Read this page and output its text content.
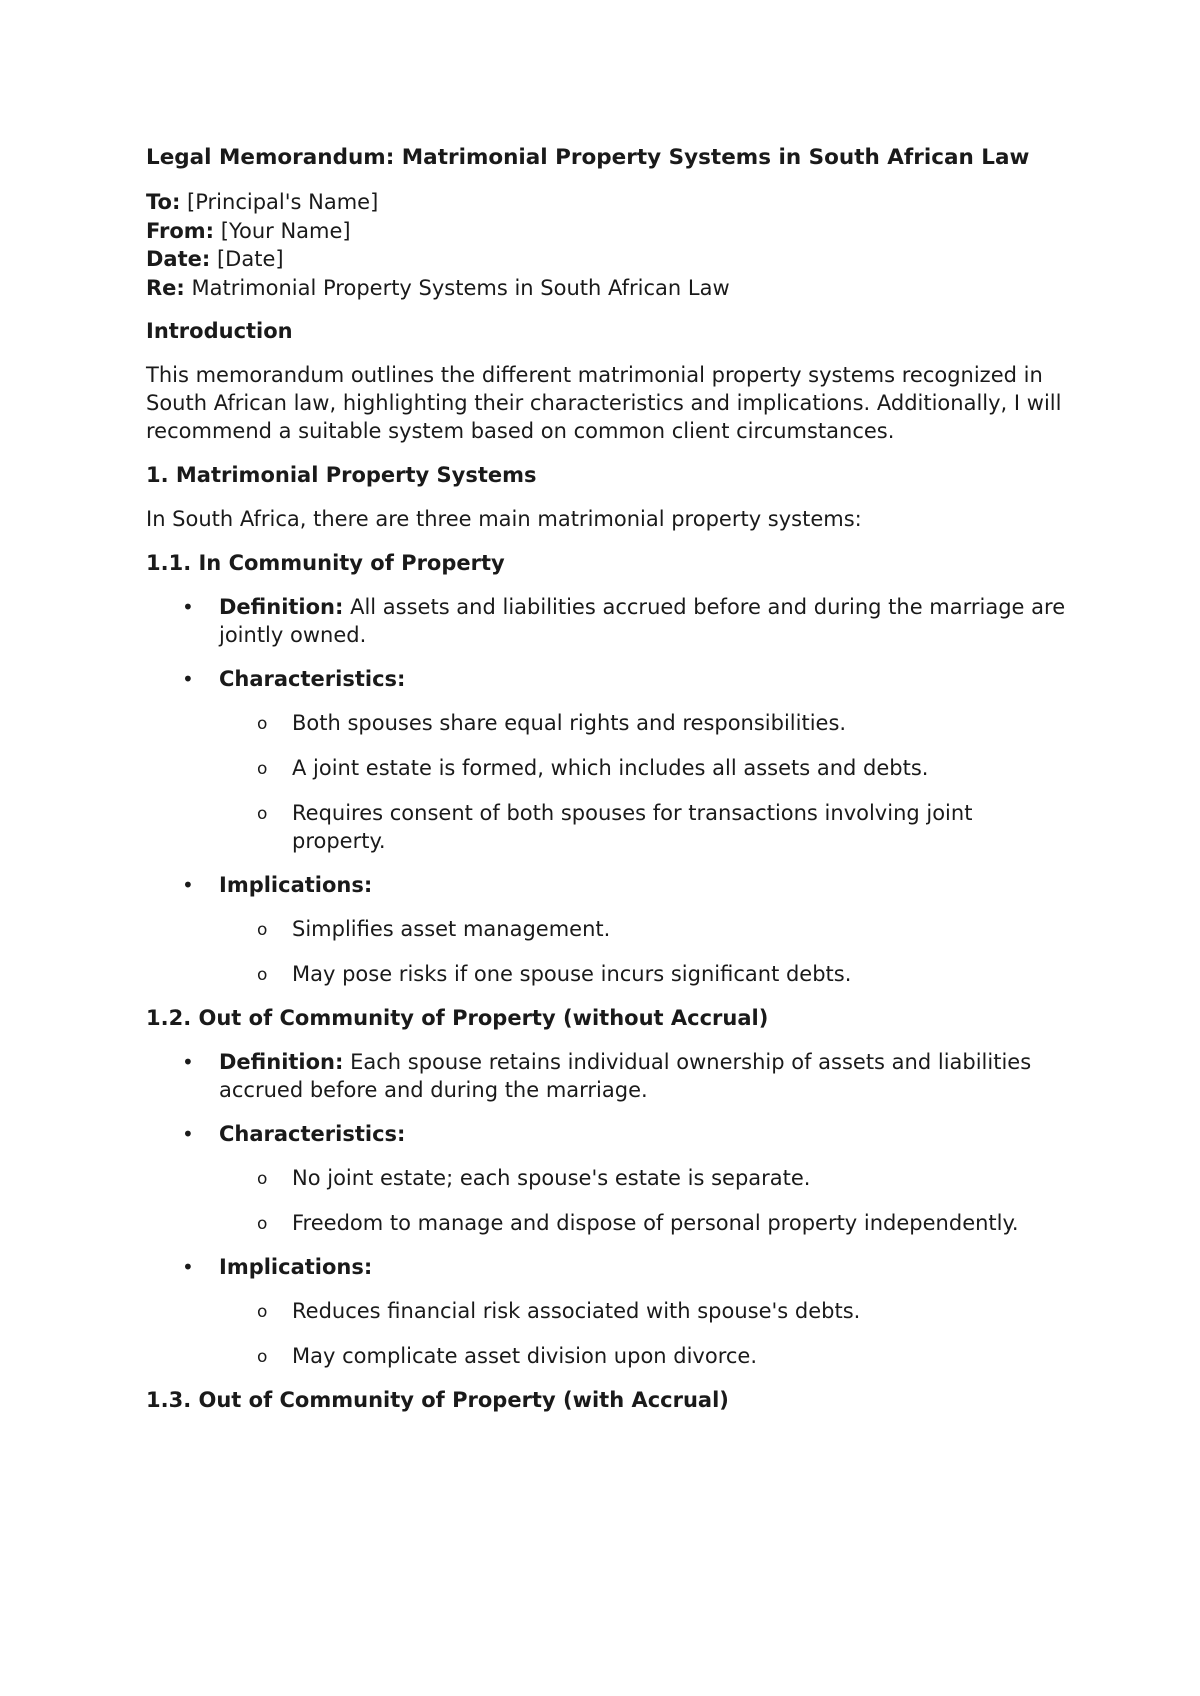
Legal Memorandum: Matrimonial Property Systems in South African Law

To: [Principal's Name]

From: [Your Name]

Date: [Date]

Re: Matrimonial Property Systems in South African Law

Introduction

This memorandum outlines the different matrimonial property systems recognized in South African law, highlighting their characteristics and implications. Additionally, I will recommend a suitable system based on common client circumstances.

1. Matrimonial Property Systems

In South Africa, there are three main matrimonial property systems:

1.1. In Community of Property
• Definition: All assets and liabilities accrued before and during the marriage are jointly owned.
• Characteristics:
o Both spouses share equal rights and responsibilities.
o A joint estate is formed, which includes all assets and debts.
o Requires consent of both spouses for transactions involving joint property.
• Implications:
o Simplifies asset management.
o May pose risks if one spouse incurs significant debts.
1.2. Out of Community of Property (without Accrual)
• Definition: Each spouse retains individual ownership of assets and liabilities accrued before and during the marriage.
• Characteristics:
o No joint estate; each spouse's estate is separate.
o Freedom to manage and dispose of personal property independently.
• Implications:
o Reduces financial risk associated with spouse's debts.
o May complicate asset division upon divorce.
1.3. Out of Community of Property (with Accrual)
